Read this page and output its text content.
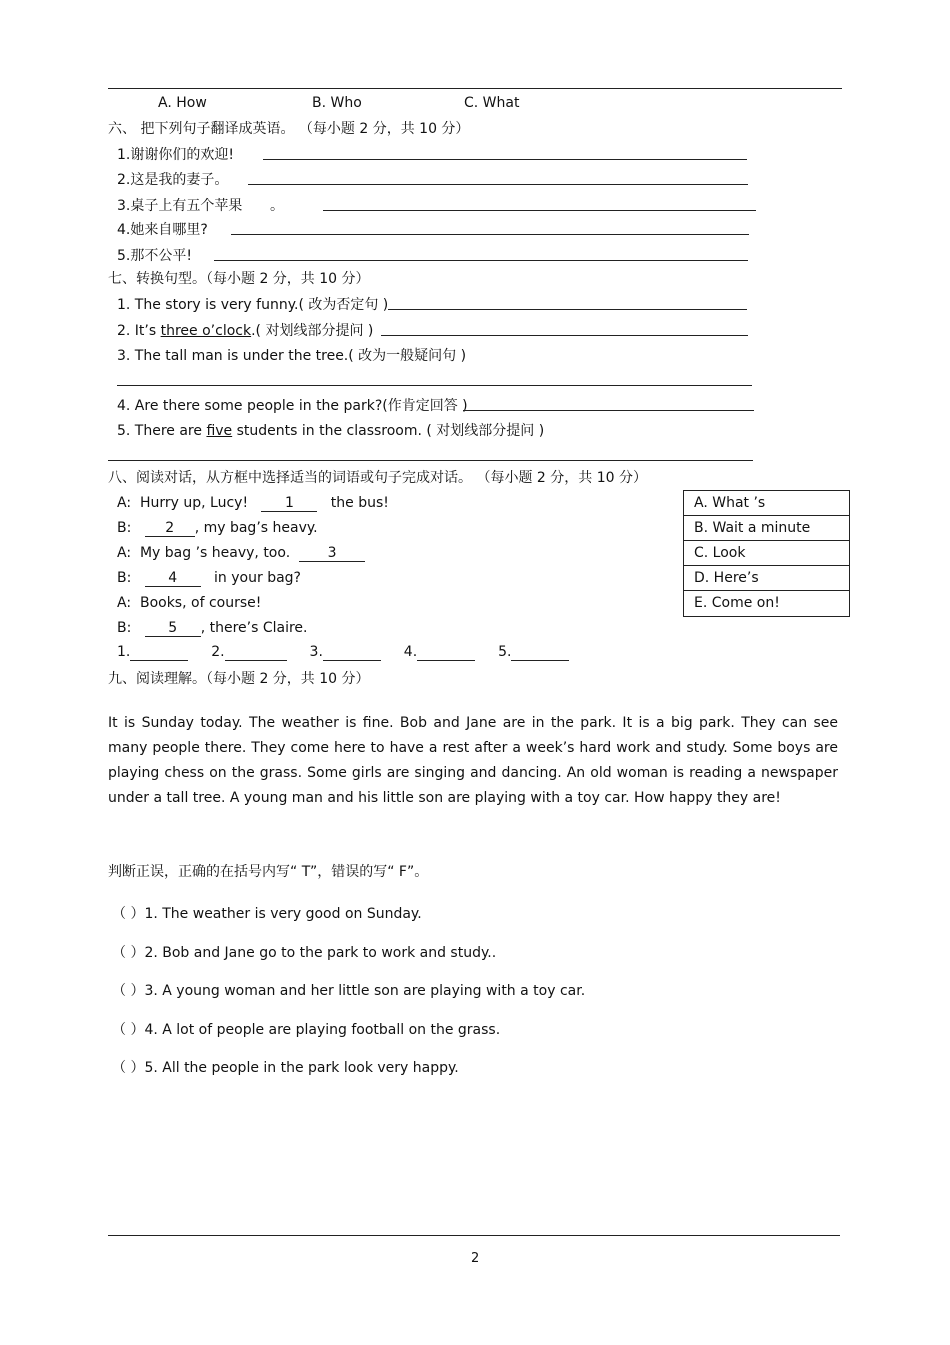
A. How	B. Who	C. What
六、 把下列句子翻译成英语。 （每小题 2 分，共 10 分）
1.谢谢你们的欢迎!
2.这是我的妻子。
3.桌子上有五个苹果 。
4.她来自哪里?
5.那不公平!
七、转换句型。（每小题 2 分，共 10 分）
1. The story is very funny.( 改为否定句 )
2. It’s three o’clock.( 对划线部分提问 )
3. The tall man is under the tree.( 改为一般疑问句 )
4. Are there some people in the park?(作肯定回答 )
5. There are five students in the classroom. ( 对划线部分提问 )
八、阅读对话，从方框中选择适当的词语或句子完成对话。 （每小题 2 分，共 10 分）
A: Hurry up, Lucy!	1	the bus!
B: 2 , my bag’s heavy.
A: My bag ’s heavy, too.	3
B:	4	in your bag?
A: Books, of course!
B:	5 , there’s Claire.
1.	2.	3.	4.	5.
A. What ’s
B. Wait a minute
C. Look
D. Here’s
E. Come on!
九、阅读理解。（每小题 2 分，共 10 分）
It is Sunday today. The weather is fine. Bob and Jane are in the park. It is a big park. They can see many people there. They come here to have a rest after a week’s hard work and study. Some boys are playing chess on the grass. Some girls are singing and dancing. An old woman is reading a newspaper under a tall tree. A young man and his little son are playing with a toy car. How happy they are!
判断正误，正确的在括号内写“ T”，错误的写“ F”。
（ ）1. The weather is very good on Sunday.
（ ）2. Bob and Jane go to the park to work and study..
（ ）3. A young woman and her little son are playing with a toy car.
（ ）4. A lot of people are playing football on the grass.
（ ）5. All the people in the park look very happy.
2
